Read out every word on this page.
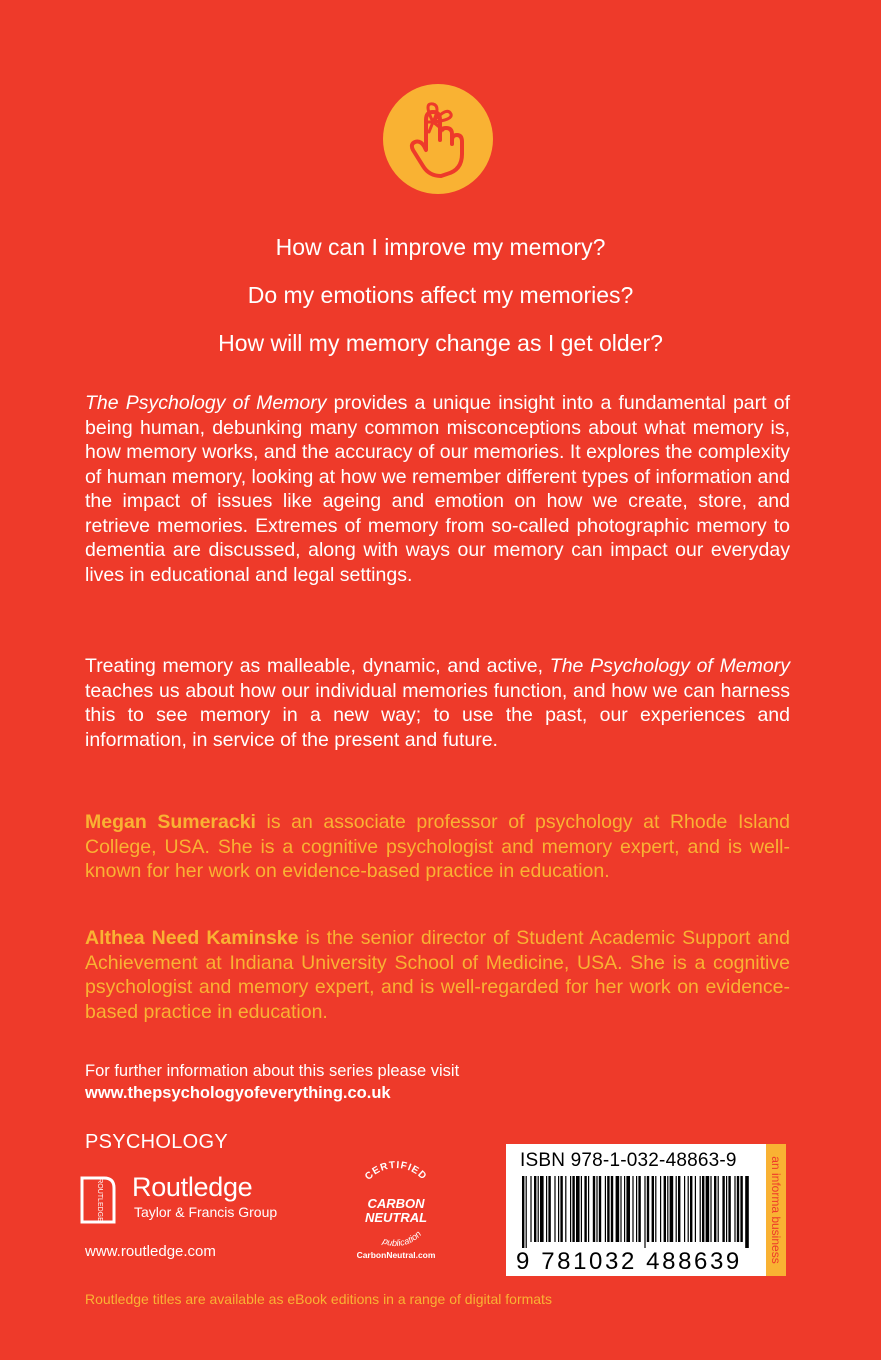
How can I improve my memory?
Do my emotions affect my memories?
How will my memory change as I get older?
The Psychology of Memory provides a unique insight into a fundamental part of being human, debunking many common misconceptions about what memory is, how memory works, and the accuracy of our memories. It explores the complexity of human memory, looking at how we remember different types of information and the impact of issues like ageing and emotion on how we create, store, and retrieve memories. Extremes of memory from so-called photographic memory to dementia are discussed, along with ways our memory can impact our everyday lives in educational and legal settings.
Treating memory as malleable, dynamic, and active, The Psychology of Memory teaches us about how our individual memories function, and how we can harness this to see memory in a new way; to use the past, our experiences and information, in service of the present and future.
Megan Sumeracki is an associate professor of psychology at Rhode Island College, USA. She is a cognitive psychologist and memory expert, and is well-known for her work on evidence-based practice in education.
Althea Need Kaminske is the senior director of Student Academic Support and Achievement at Indiana University School of Medicine, USA. She is a cognitive psychologist and memory expert, and is well-regarded for her work on evidence-based practice in education.
For further information about this series please visit
www.thepsychologyofeverything.co.uk
PSYCHOLOGY
ROUTLEDGE Routledge
Taylor & Francis Group
www.routledge.com
CERTIFIED
CARBON
NEUTRAL
publication
CarbonNeutral.com
ISBN 978-1-032-48863-9
9 781032 488639 an informa business
Routledge titles are available as eBook editions in a range of digital formats
